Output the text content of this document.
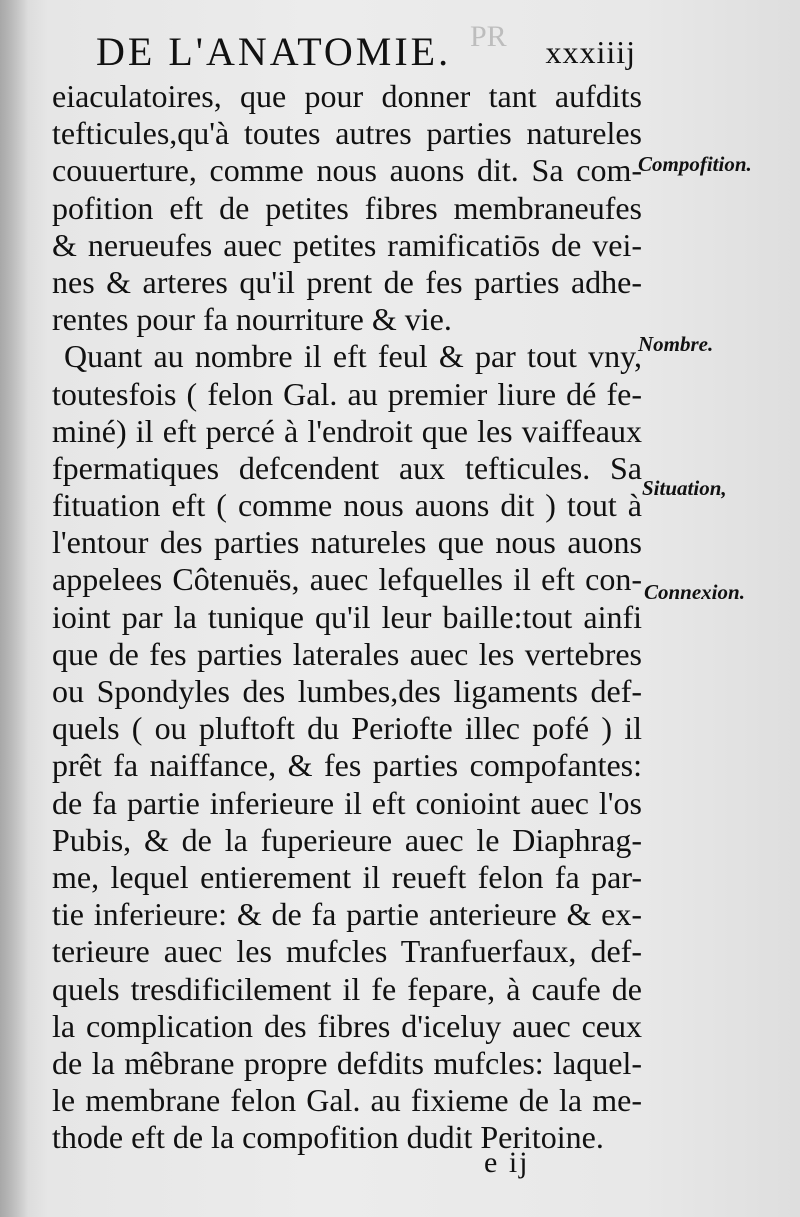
PR
DE L'ANATOMIE.	xxxiiij
eiaculatoires, que pour donner tant aufdits
tefticules,qu'à toutes autres parties natureles
couuerture, comme nous auons dit. Sa com-
pofition eft de petites fibres membraneufes
& nerueufes auec petites ramificatiōs de vei-
nes & arteres qu'il prent de fes parties adhe-
rentes pour fa nourriture & vie.
Quant au nombre il eft feul & par tout vny,
toutesfois ( felon Gal. au premier liure dé fe-
miné) il eft percé à l'endroit que les vaiffeaux
fpermatiques defcendent aux tefticules. Sa
fituation eft ( comme nous auons dit ) tout à
l'entour des parties natureles que nous auons
appelees Côtenuës, auec lefquelles il eft con-
ioint par la tunique qu'il leur baille:tout ainfi
que de fes parties laterales auec les vertebres
ou Spondyles des lumbes,des ligaments def-
quels ( ou pluftoft du Periofte illec pofé ) il
prêt fa naiffance, & fes parties compofantes:
de fa partie inferieure il eft conioint auec l'os
Pubis, & de la fuperieure auec le Diaphrag-
me, lequel entierement il reueft felon fa par-
tie inferieure: & de fa partie anterieure & ex-
terieure auec les mufcles Tranfuerfaux, def-
quels tresdificilement il fe fepare, à caufe de
la complication des fibres d'iceluy auec ceux
de la mêbrane propre defdits mufcles: laquel-
le membrane felon Gal. au fixieme de la me-
thode eft de la compofition dudit Peritoine.
Compofition.
Nombre.
Situation,
Connexion.
e ij
